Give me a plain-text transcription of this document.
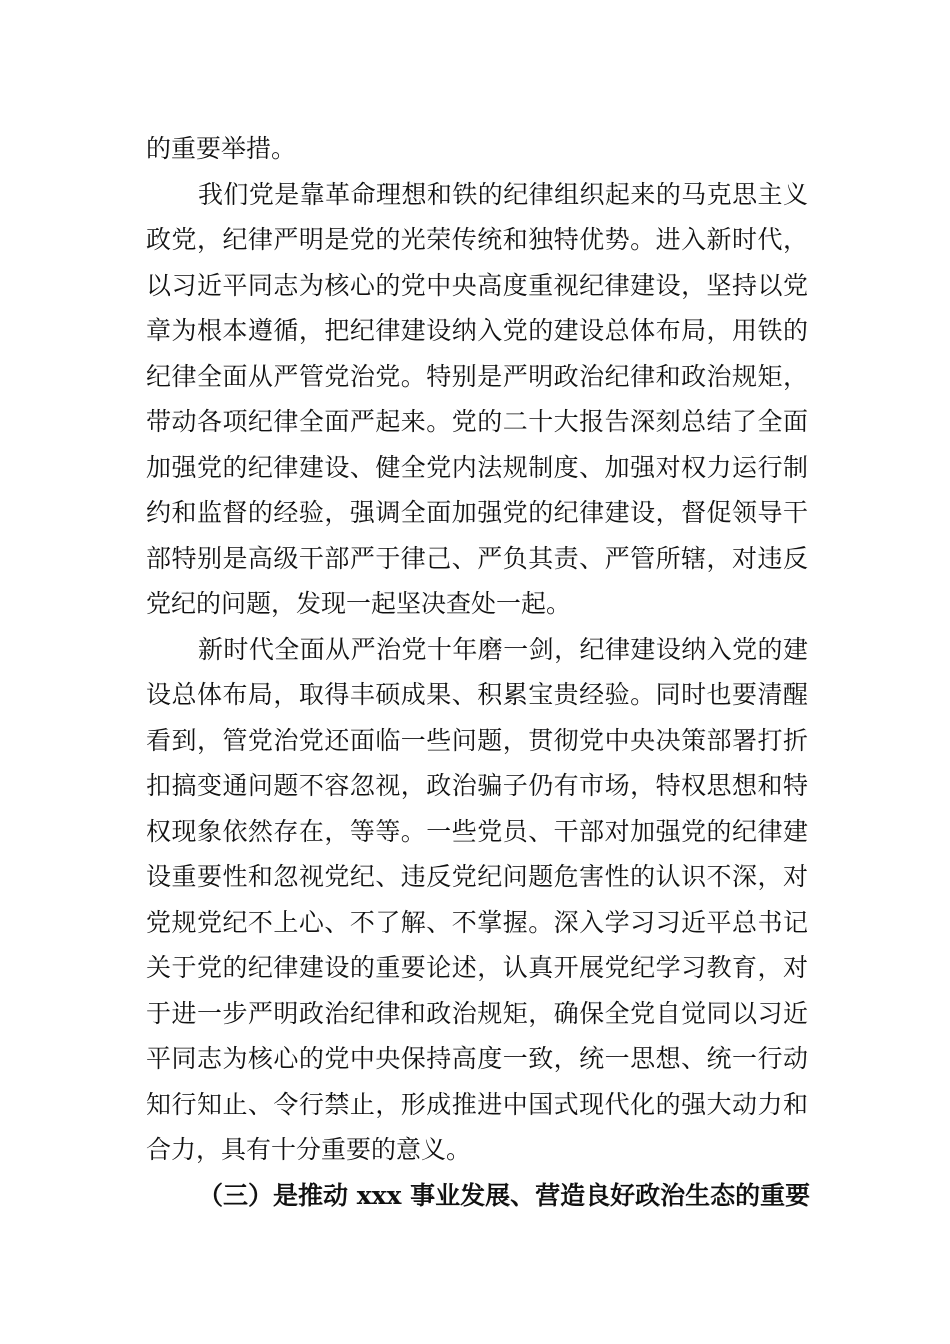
的重要举措。
我们党是靠革命理想和铁的纪律组织起来的马克思主义
政党，纪律严明是党的光荣传统和独特优势。进入新时代，
以习近平同志为核心的党中央高度重视纪律建设，坚持以党
章为根本遵循，把纪律建设纳入党的建设总体布局，用铁的
纪律全面从严管党治党。特别是严明政治纪律和政治规矩，
带动各项纪律全面严起来。党的二十大报告深刻总结了全面
加强党的纪律建设、健全党内法规制度、加强对权力运行制
约和监督的经验，强调全面加强党的纪律建设，督促领导干
部特别是高级干部严于律己、严负其责、严管所辖，对违反
党纪的问题，发现一起坚决查处一起。
新时代全面从严治党十年磨一剑，纪律建设纳入党的建
设总体布局，取得丰硕成果、积累宝贵经验。同时也要清醒
看到，管党治党还面临一些问题，贯彻党中央决策部署打折
扣搞变通问题不容忽视，政治骗子仍有市场，特权思想和特
权现象依然存在，等等。一些党员、干部对加强党的纪律建
设重要性和忽视党纪、违反党纪问题危害性的认识不深，对
党规党纪不上心、不了解、不掌握。深入学习习近平总书记
关于党的纪律建设的重要论述，认真开展党纪学习教育，对
于进一步严明政治纪律和政治规矩，确保全党自觉同以习近
平同志为核心的党中央保持高度一致，统一思想、统一行动
知行知止、令行禁止，形成推进中国式现代化的强大动力和
合力，具有十分重要的意义。
（三）是推动 xxx 事业发展、营造良好政治生态的重要
